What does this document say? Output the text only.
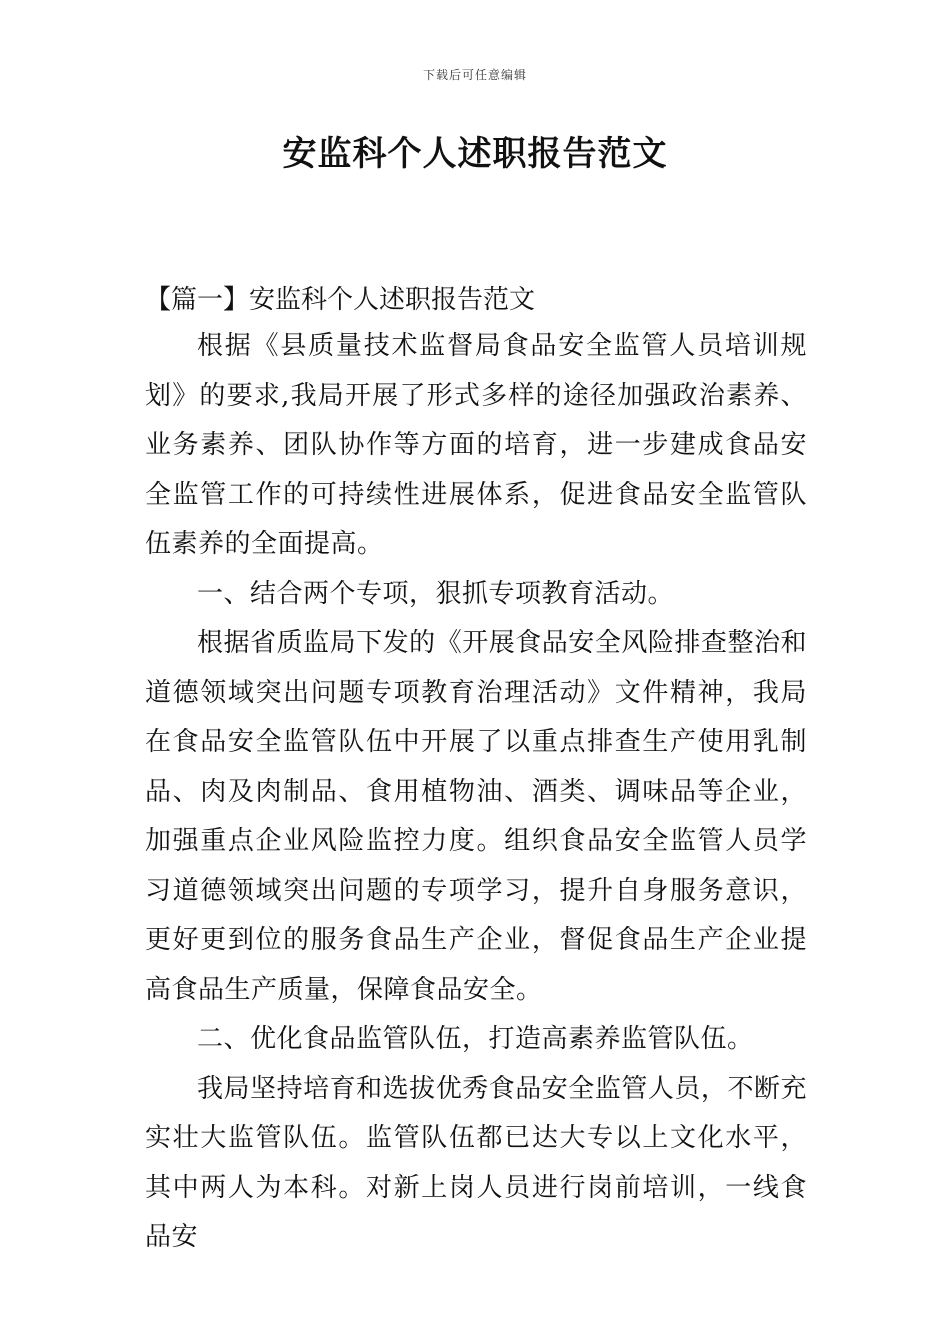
下载后可任意编辑
安监科个人述职报告范文
【篇一】安监科个人述职报告范文

根据《县质量技术监督局食品安全监管人员培训规划》的要求,我局开展了形式多样的途径加强政治素养、业务素养、团队协作等方面的培育，进一步建成食品安全监管工作的可持续性进展体系，促进食品安全监管队伍素养的全面提高。

一、结合两个专项，狠抓专项教育活动。

根据省质监局下发的《开展食品安全风险排查整治和道德领域突出问题专项教育治理活动》文件精神，我局在食品安全监管队伍中开展了以重点排查生产使用乳制品、肉及肉制品、食用植物油、酒类、调味品等企业，加强重点企业风险监控力度。组织食品安全监管人员学习道德领域突出问题的专项学习，提升自身服务意识，更好更到位的服务食品生产企业，督促食品生产企业提高食品生产质量，保障食品安全。

二、优化食品监管队伍，打造高素养监管队伍。

我局坚持培育和选拔优秀食品安全监管人员，不断充实壮大监管队伍。监管队伍都已达大专以上文化水平，其中两人为本科。对新上岗人员进行岗前培训，一线食品安
